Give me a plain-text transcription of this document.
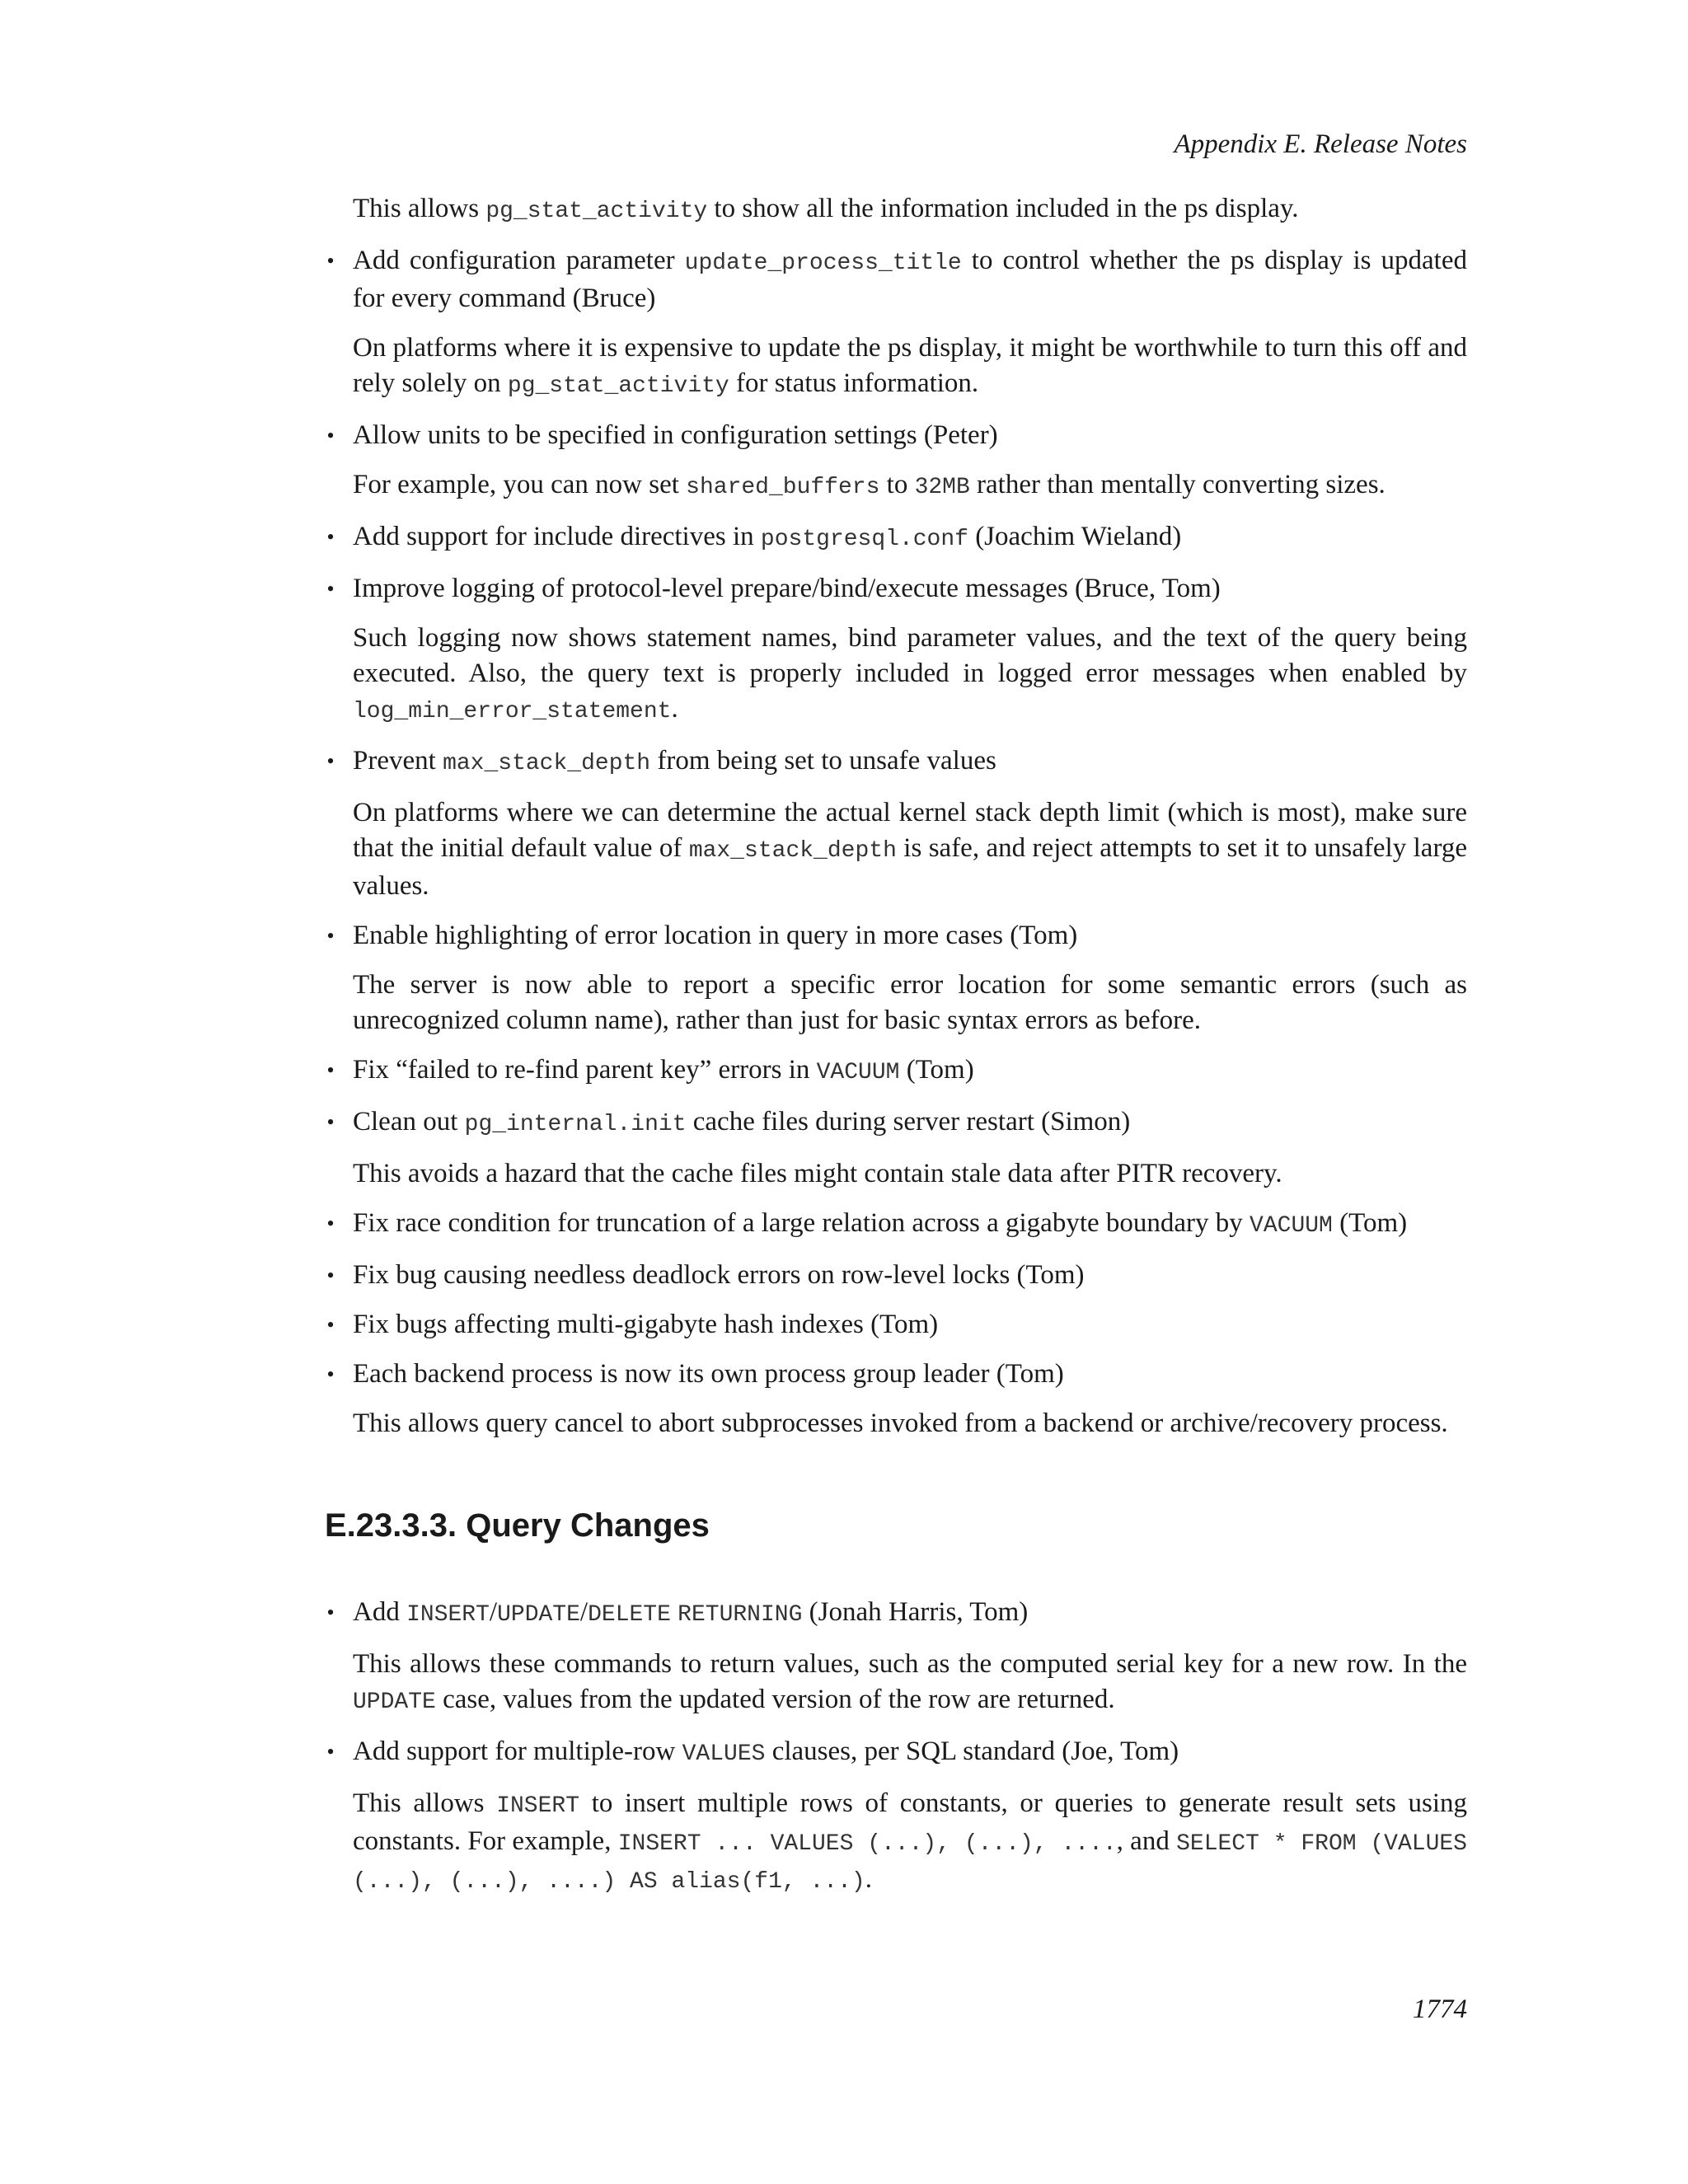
Appendix E. Release Notes

This allows pg_stat_activity to show all the information included in the ps display.

• Add configuration parameter update_process_title to control whether the ps display is updated for every command (Bruce)

On platforms where it is expensive to update the ps display, it might be worthwhile to turn this off and rely solely on pg_stat_activity for status information.

• Allow units to be specified in configuration settings (Peter)

For example, you can now set shared_buffers to 32MB rather than mentally converting sizes.

• Add support for include directives in postgresql.conf (Joachim Wieland)
• Improve logging of protocol-level prepare/bind/execute messages (Bruce, Tom)

Such logging now shows statement names, bind parameter values, and the text of the query being executed. Also, the query text is properly included in logged error messages when enabled by log_min_error_statement.

• Prevent max_stack_depth from being set to unsafe values

On platforms where we can determine the actual kernel stack depth limit (which is most), make sure that the initial default value of max_stack_depth is safe, and reject attempts to set it to unsafely large values.

• Enable highlighting of error location in query in more cases (Tom)

The server is now able to report a specific error location for some semantic errors (such as unrecognized column name), rather than just for basic syntax errors as before.

• Fix “failed to re-find parent key” errors in VACUUM (Tom)
• Clean out pg_internal.init cache files during server restart (Simon)

This avoids a hazard that the cache files might contain stale data after PITR recovery.

• Fix race condition for truncation of a large relation across a gigabyte boundary by VACUUM (Tom)
• Fix bug causing needless deadlock errors on row-level locks (Tom)
• Fix bugs affecting multi-gigabyte hash indexes (Tom)
• Each backend process is now its own process group leader (Tom)

This allows query cancel to abort subprocesses invoked from a backend or archive/recovery process.

E.23.3.3. Query Changes
• Add INSERT/UPDATE/DELETE RETURNING (Jonah Harris, Tom)

This allows these commands to return values, such as the computed serial key for a new row. In the UPDATE case, values from the updated version of the row are returned.

• Add support for multiple-row VALUES clauses, per SQL standard (Joe, Tom)

This allows INSERT to insert multiple rows of constants, or queries to generate result sets using constants. For example, INSERT ... VALUES (...), (...), ...., and SELECT * FROM (VALUES (...), (...), ....) AS alias(f1, ...).

1774
